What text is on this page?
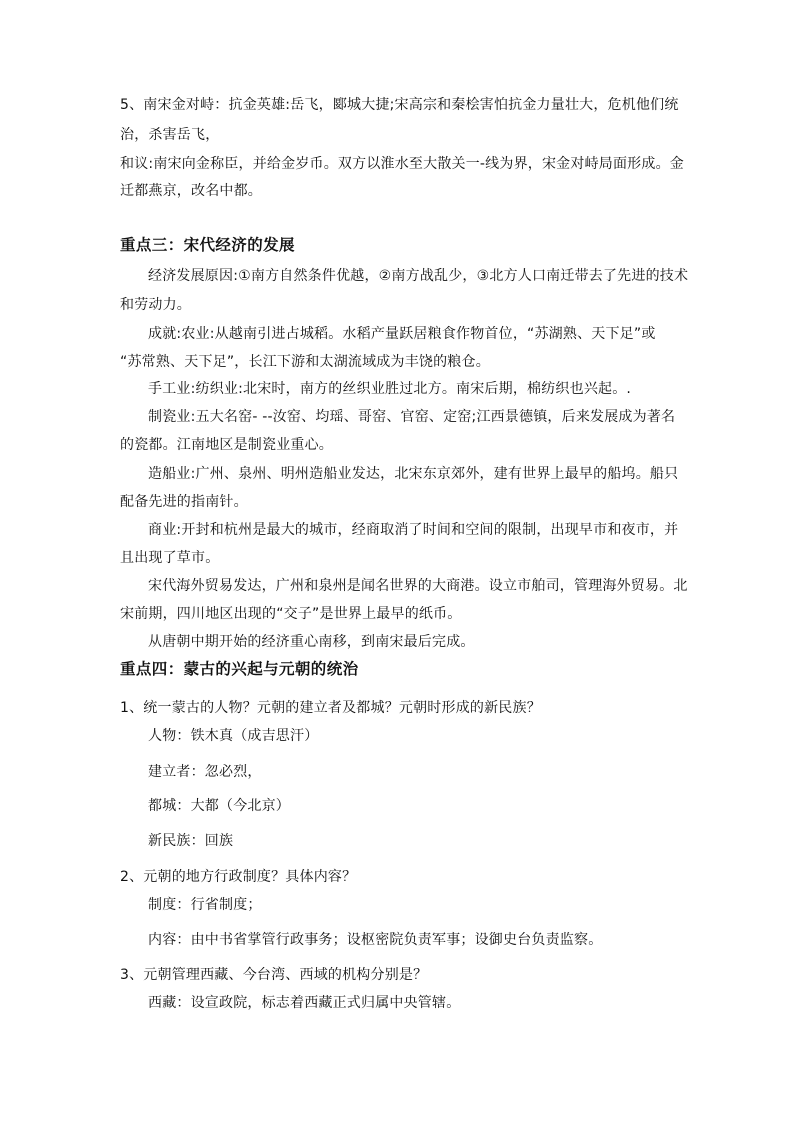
5、南宋金对峙：抗金英雄:岳飞，郾城大捷;宋高宗和秦桧害怕抗金力量壮大，危机他们统
治，杀害岳飞，
和议:南宋向金称臣，并给金岁币。双方以淮水至大散关一-线为界，宋金对峙局面形成。金
迁都燕京，改名中都。
重点三：宋代经济的发展
经济发展原因:①南方自然条件优越，②南方战乱少，③北方人口南迁带去了先进的技术
和劳动力。
成就:农业:从越南引进占城稻。水稻产量跃居粮食作物首位，“苏湖熟、天下足”或
“苏常熟、天下足”，长江下游和太湖流域成为丰饶的粮仓。
手工业:纺织业:北宋时，南方的丝织业胜过北方。南宋后期，棉纺织也兴起。.
制瓷业:五大名窑- --汝窑、均瑶、哥窑、官窑、定窑;江西景德镇，后来发展成为著名
的瓷都。江南地区是制瓷业重心。
造船业:广州、泉州、明州造船业发达，北宋东京郊外，建有世界上最早的船坞。船只
配备先进的指南针。
商业:开封和杭州是最大的城市，经商取消了时间和空间的限制，出现早市和夜市，并
且出现了草市。
宋代海外贸易发达，广州和泉州是闻名世界的大商港。设立市舶司，管理海外贸易。北
宋前期，四川地区出现的“交子”是世界上最早的纸币。
从唐朝中期开始的经济重心南移，到南宋最后完成。
重点四：蒙古的兴起与元朝的统治
1、统一蒙古的人物？元朝的建立者及都城？元朝时形成的新民族？
人物：铁木真（成吉思汗）
建立者：忽必烈，
都城：大都（今北京）
新民族：回族
2、元朝的地方行政制度？具体内容？
制度：行省制度；
内容：由中书省掌管行政事务；设枢密院负责军事；设御史台负责监察。
3、元朝管理西藏、今台湾、西域的机构分别是？
西藏：设宣政院，标志着西藏正式归属中央管辖。
